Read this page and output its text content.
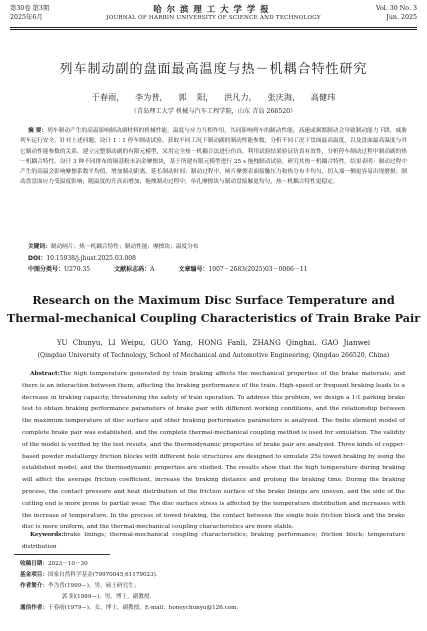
第30卷 第3期
2025年6月
哈尔滨理工大学学报
JOURNAL OF HARBIN UNIVERSITY OF SCIENCE AND TECHNOLOGY
Vol. 30 No. 3
Jun. 2025
列车制动副的盘面最高温度与热－机耦合特性研究
于春雨， 李为普， 郭 阳， 洪凡力， 张庆海， 高健玮
（青岛理工大学 机械与汽车工程学院，山东 青岛 266520）
摘 要：列车制动产生的高温影响制动副材料的机械性能，温度与应力互相作用，共同影响列车的制动性能，高速或频繁制动会导致制动能力下降，威胁列车运行安全。针对上述问题，设计 1∶1 停车制动试验，获取不同工况下制动副的制动性能参数，分析不同工况下盘面最高温度，以及盘面最高温度与其它制动性能参数的关系。建立完整制动副的有限元模型，采用完全热－机耦合法进行仿真，利用试验结果验证仿真有效性，分析停车制动过程中制动副的热－机耦合特性。设计 3 种不同排布的铜基粉末冶金摩擦块，基于所建有限元模型进行 25 s 拖拽制动试验，研究其热－机耦合特性。结果表明：制动过程中产生的高温会影响摩擦系数平均值，增加制动距离，延长制动时间；制动过程中，闸片摩擦表面接触压力和热分布不均匀，切入端一侧更容易出现磨损；制动盘盘面应力受温度影响，随温度的升高而增加；拖拽制动过程中，单孔摩擦块与制动盘接触更均匀，热－机耦合特性更稳定。
关键词：制动闸片；热－机耦合特性；制动性能；摩擦块；温度分布
DOI：10.15938/j.jhust.2025.03.008
中图分类号：U270.35	文献标志码：A	文章编号：1007－2683(2025)03－0066－11
Research on the Maximum Disc Surface Temperature and
Thermal-mechanical Coupling Characteristics of Train Brake Pair
YU Chunyu, LI Weipu, GUO Yang, HONG Fanli, ZHANG Qinghai, GAO Jianwei
(Qingdao University of Technology, School of Mechanical and Automotive Engineering, Qingdao 266520, China)
Abstract:The high temperature generated by train braking affects the mechanical properties of the brake materials, and there is an interaction between them, affecting the braking performance of the train. High-speed or frequent braking leads to a decrease in braking capacity, threatening the safety of train operation. To address this problem, we design a 1∶1 parking brake test to obtain braking performance parameters of brake pair with different working conditions, and the relationship between the maximum temperature of disc surface and other braking performance parameters is analyzed. The finite element model of complete brake pair was established, and the complete thermal-mechanical coupling method is used for simulation. The validity of the model is verified by the test results, and the thermodynamic properties of brake pair are analyzed. Three kinds of copper-based powder metallurgy friction blocks with different hole structures are designed to simulate 25s towed braking by using the established model, and the thermodynamic properties are studied. The results show that the high temperature during braking will affect the average friction coefficient, increase the braking distance and prolong the braking time. During the braking process, the contact pressure and heat distribution of the friction surface of the brake linings are uneven, and the side of the cutting end is more prone to partial wear. The disc surface stress is affected by the temperature distribution and increases with the increase of temperature. In the process of towed braking, the contact between the single hole friction block and the brake disc is more uniform, and the thermal-mechanical coupling characteristics are more stable.
Keywords:brake linings; thermal-mechanical coupling characteristics; braking performance; friction block; temperature distribution
收稿日期：2023－10－30
基金项目：国家自然科学基金(79970045,61179023).
作者简介：李为普(1999—)，男，硕士研究生；
郭 阳(1989—)，男，博士，副教授.
通信作者：于春雨(1979—)，女，博士，副教授，E-mail：honeychunyu@126.com.
